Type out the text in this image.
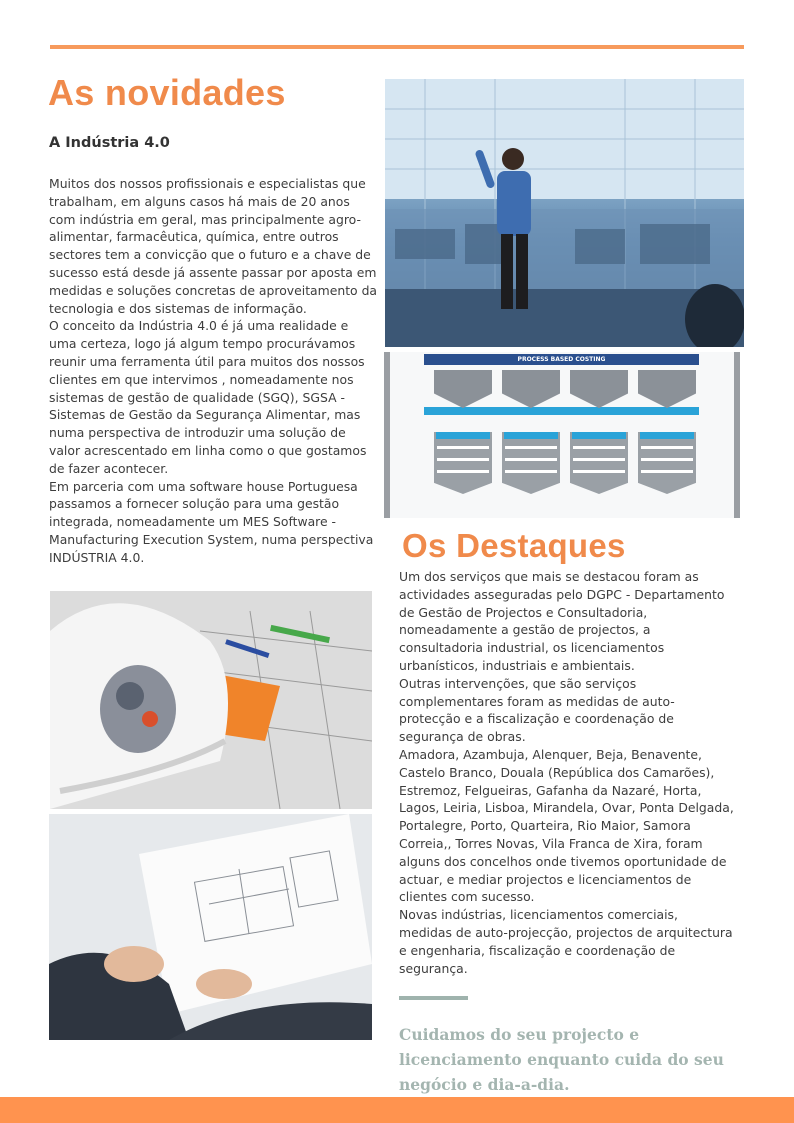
As novidades
A Indústria 4.0

Muitos dos nossos profissionais e especialistas que trabalham, em alguns casos há mais de 20 anos com indústria em geral, mas principalmente agro-alimentar, farmacêutica, química, entre outros sectores tem a convicção que o futuro e a chave de sucesso está desde já assente passar por aposta em medidas e soluções concretas de aproveitamento da tecnologia e dos sistemas de informação.

O conceito da Indústria 4.0 é já uma realidade e uma certeza, logo já algum tempo procurávamos reunir uma ferramenta útil para muitos dos nossos clientes em que intervimos , nomeadamente nos sistemas de gestão de qualidade (SGQ), SGSA - Sistemas de Gestão da Segurança Alimentar, mas numa perspectiva de introduzir uma solução de valor acrescentado em linha como o que gostamos de fazer acontecer.

Em parceria com uma software house Portuguesa passamos a fornecer solução para uma gestão integrada, nomeadamente um MES Software - Manufacturing Execution System, numa perspectiva INDÚSTRIA 4.0.

PROCESS BASED COSTING
Os Destaques

Um dos serviços que mais se destacou foram as actividades asseguradas pelo DGPC - Departamento de Gestão de Projectos e Consultadoria, nomeadamente a gestão de projectos, a consultadoria industrial, os licenciamentos urbanísticos, industriais e ambientais.

Outras intervenções, que são serviços complementares foram as medidas de auto-protecção e a fiscalização e coordenação de segurança de obras.

Amadora, Azambuja, Alenquer, Beja, Benavente, Castelo Branco, Douala (República dos Camarões), Estremoz, Felgueiras, Gafanha da Nazaré, Horta, Lagos, Leiria, Lisboa, Mirandela, Ovar, Ponta Delgada, Portalegre, Porto, Quarteira, Rio Maior, Samora Correia,, Torres Novas, Vila Franca de Xira, foram alguns dos concelhos onde tivemos oportunidade de actuar, e mediar projectos e licenciamentos de clientes com sucesso.

Novas indústrias, licenciamentos comerciais, medidas de auto-projecção, projectos de arquitectura e engenharia, fiscalização e coordenação de segurança.

Cuidamos do seu projecto e licenciamento enquanto cuida do seu negócio e dia-a-dia.
